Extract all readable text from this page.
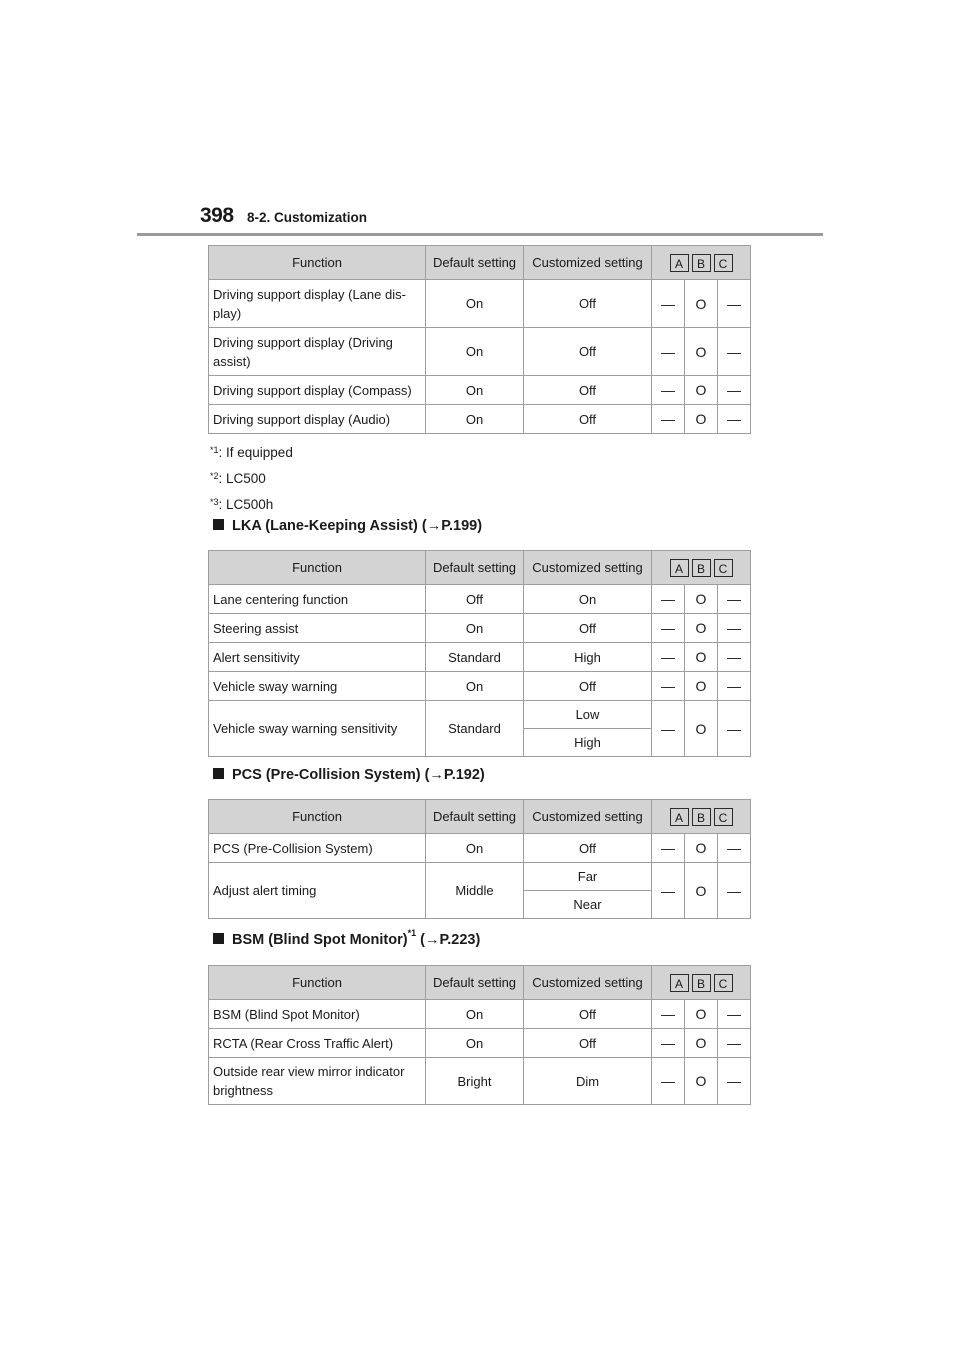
398 8-2. Customization
Function	Default setting	Customized setting	A B C		

Driving support display (Lane dis-play)	On	Off	—	O	—
Driving support display (Driving assist)	On	Off	—	O	—
Driving support display (Compass)	On	Off	—	O	—
Driving support display (Audio)	On	Off	—	O	—
$^{*1}$: If equipped
$^{*2}$: LC500
$^{*3}$: LC500h
LKA (Lane-Keeping Assist) (→P.199)
Function	Default setting	Customized setting	A B C		

Lane centering function	Off	On	—	O	—
Steering assist	On	Off	—	O	—
Alert sensitivity	Standard	High	—	O	—
Vehicle sway warning	On	Off	—	O	—
Vehicle sway warning sensitivity	Standard	Low	—	O	—
		High			
PCS (Pre-Collision System) (→P.192)
Function	Default setting	Customized setting	A B C		

PCS (Pre-Collision System)	On	Off	—	O	—
Adjust alert timing	Middle	Far	—	O	—
		Near			
BSM (Blind Spot Monitor)$^{*1}$ (→P.223)
Function	Default setting	Customized setting	A B C		

BSM (Blind Spot Monitor)	On	Off	—	O	—
RCTA (Rear Cross Traffic Alert)	On	Off	—	O	—
Outside rear view mirror indicator brightness	Bright	Dim	—	O	—
